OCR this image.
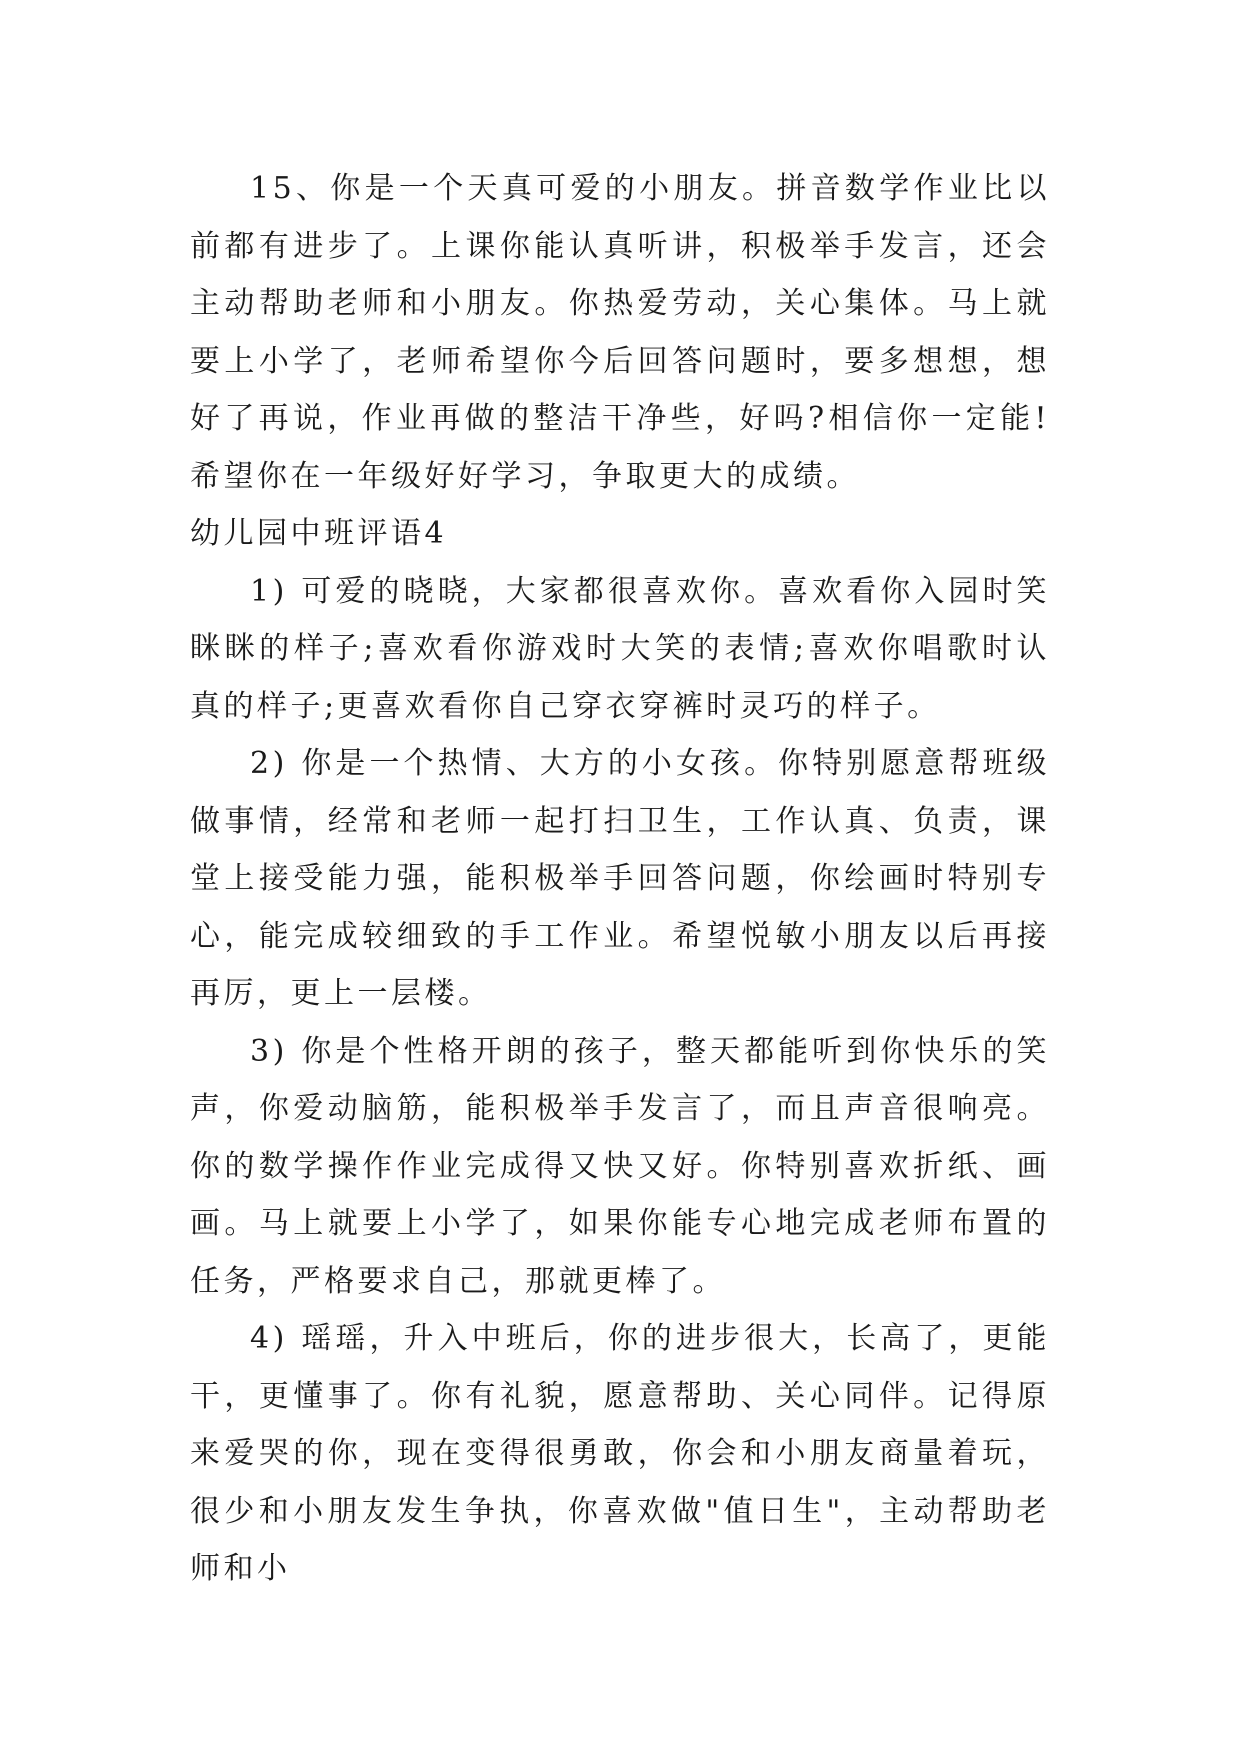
15、你是一个天真可爱的小朋友。拼音数学作业比以前都有进步了。上课你能认真听讲，积极举手发言，还会主动帮助老师和小朋友。你热爱劳动，关心集体。马上就要上小学了，老师希望你今后回答问题时，要多想想，想好了再说，作业再做的整洁干净些，好吗?相信你一定能!希望你在一年级好好学习，争取更大的成绩。

幼儿园中班评语4

1) 可爱的晓晓，大家都很喜欢你。喜欢看你入园时笑眯眯的样子;喜欢看你游戏时大笑的表情;喜欢你唱歌时认真的样子;更喜欢看你自己穿衣穿裤时灵巧的样子。

2) 你是一个热情、大方的小女孩。你特别愿意帮班级做事情，经常和老师一起打扫卫生，工作认真、负责，课堂上接受能力强，能积极举手回答问题，你绘画时特别专心，能完成较细致的手工作业。希望悦敏小朋友以后再接再厉，更上一层楼。

3) 你是个性格开朗的孩子，整天都能听到你快乐的笑声，你爱动脑筋，能积极举手发言了，而且声音很响亮。你的数学操作作业完成得又快又好。你特别喜欢折纸、画画。马上就要上小学了，如果你能专心地完成老师布置的任务，严格要求自己，那就更棒了。

4) 瑶瑶，升入中班后，你的进步很大，长高了，更能干，更懂事了。你有礼貌，愿意帮助、关心同伴。记得原来爱哭的你，现在变得很勇敢，你会和小朋友商量着玩，很少和小朋友发生争执，你喜欢做"值日生"，主动帮助老师和小
